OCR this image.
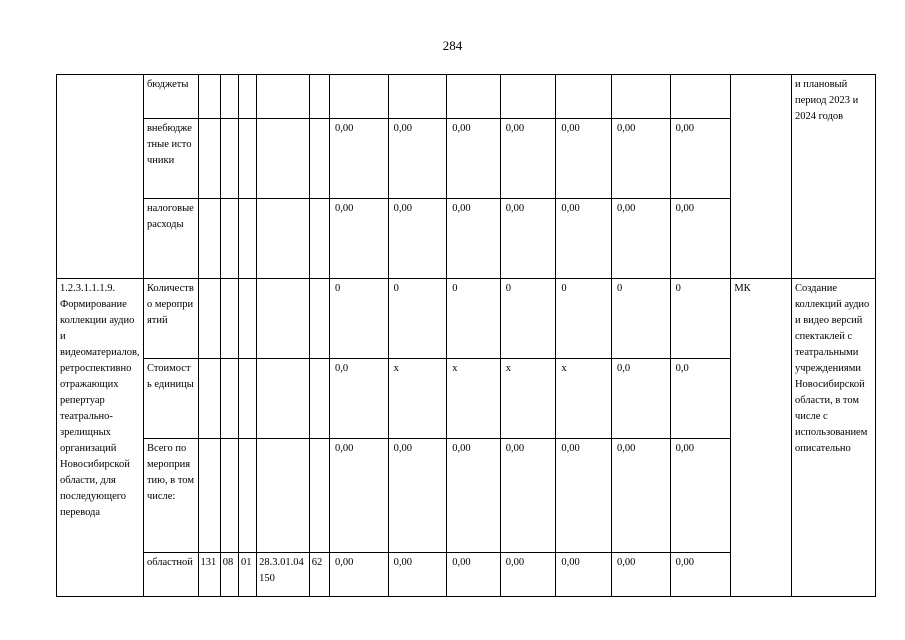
284
	бюджеты														и плановый период 2023 и 2024 годов
	внебюджетные источники						0,00	0,00	0,00	0,00	0,00	0,00	0,00		
	налоговые расходы						0,00	0,00	0,00	0,00	0,00	0,00	0,00		
1.2.3.1.1.1.9. Формирование коллекции аудио и видеоматериалов, ретроспективно отражающих репертуар театрально-зрелищных организаций Новосибирской области, для последующего перевода	Количество мероприятий						0	0	0	0	0	0	0	МК	Создание коллекций аудио и видео версий спектаклей с театральными учреждениями Новосибирской области, в том числе с использованием описательно
	Стоимость единицы						0,0	x	x	x	x	0,0	0,0		
	Всего по мероприятию, в том числе:						0,00	0,00	0,00	0,00	0,00	0,00	0,00		
	областной	131	08	01	28.3.01.04150	62	0,00	0,00	0,00	0,00	0,00	0,00	0,00		
